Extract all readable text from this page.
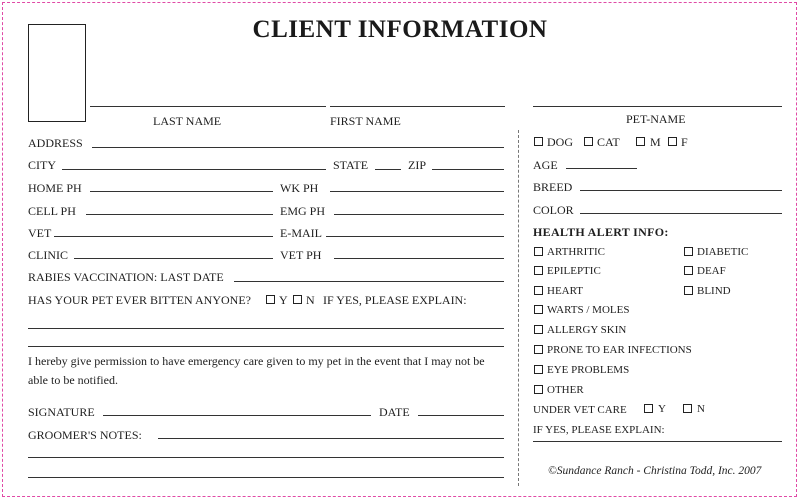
CLIENT INFORMATION
LAST NAME	FIRST NAME	PET-NAME
ADDRESS
CITY	STATE	ZIP
HOME PH	WK PH
CELL PH	EMG PH
VET	E-MAIL
CLINIC	VET PH
RABIES VACCINATION: LAST DATE
HAS YOUR PET EVER BITTEN ANYONE? Y N IF YES, PLEASE EXPLAIN:
I hereby give permission to have emergency care given to my pet in the event that I may not be able to be notified.
SIGNATURE	DATE
GROOMER'S NOTES:
DOG CAT	M F
AGE
BREED
COLOR
HEALTH ALERT INFO:
ARTHRITIC	DIABETIC
EPILEPTIC	DEAF
HEART	BLIND
WARTS / MOLES
ALLERGY SKIN
PRONE TO EAR INFECTIONS
EYE PROBLEMS
OTHER
UNDER VET CARE	Y	N
IF YES, PLEASE EXPLAIN:
©Sundance Ranch - Christina Todd, Inc. 2007
